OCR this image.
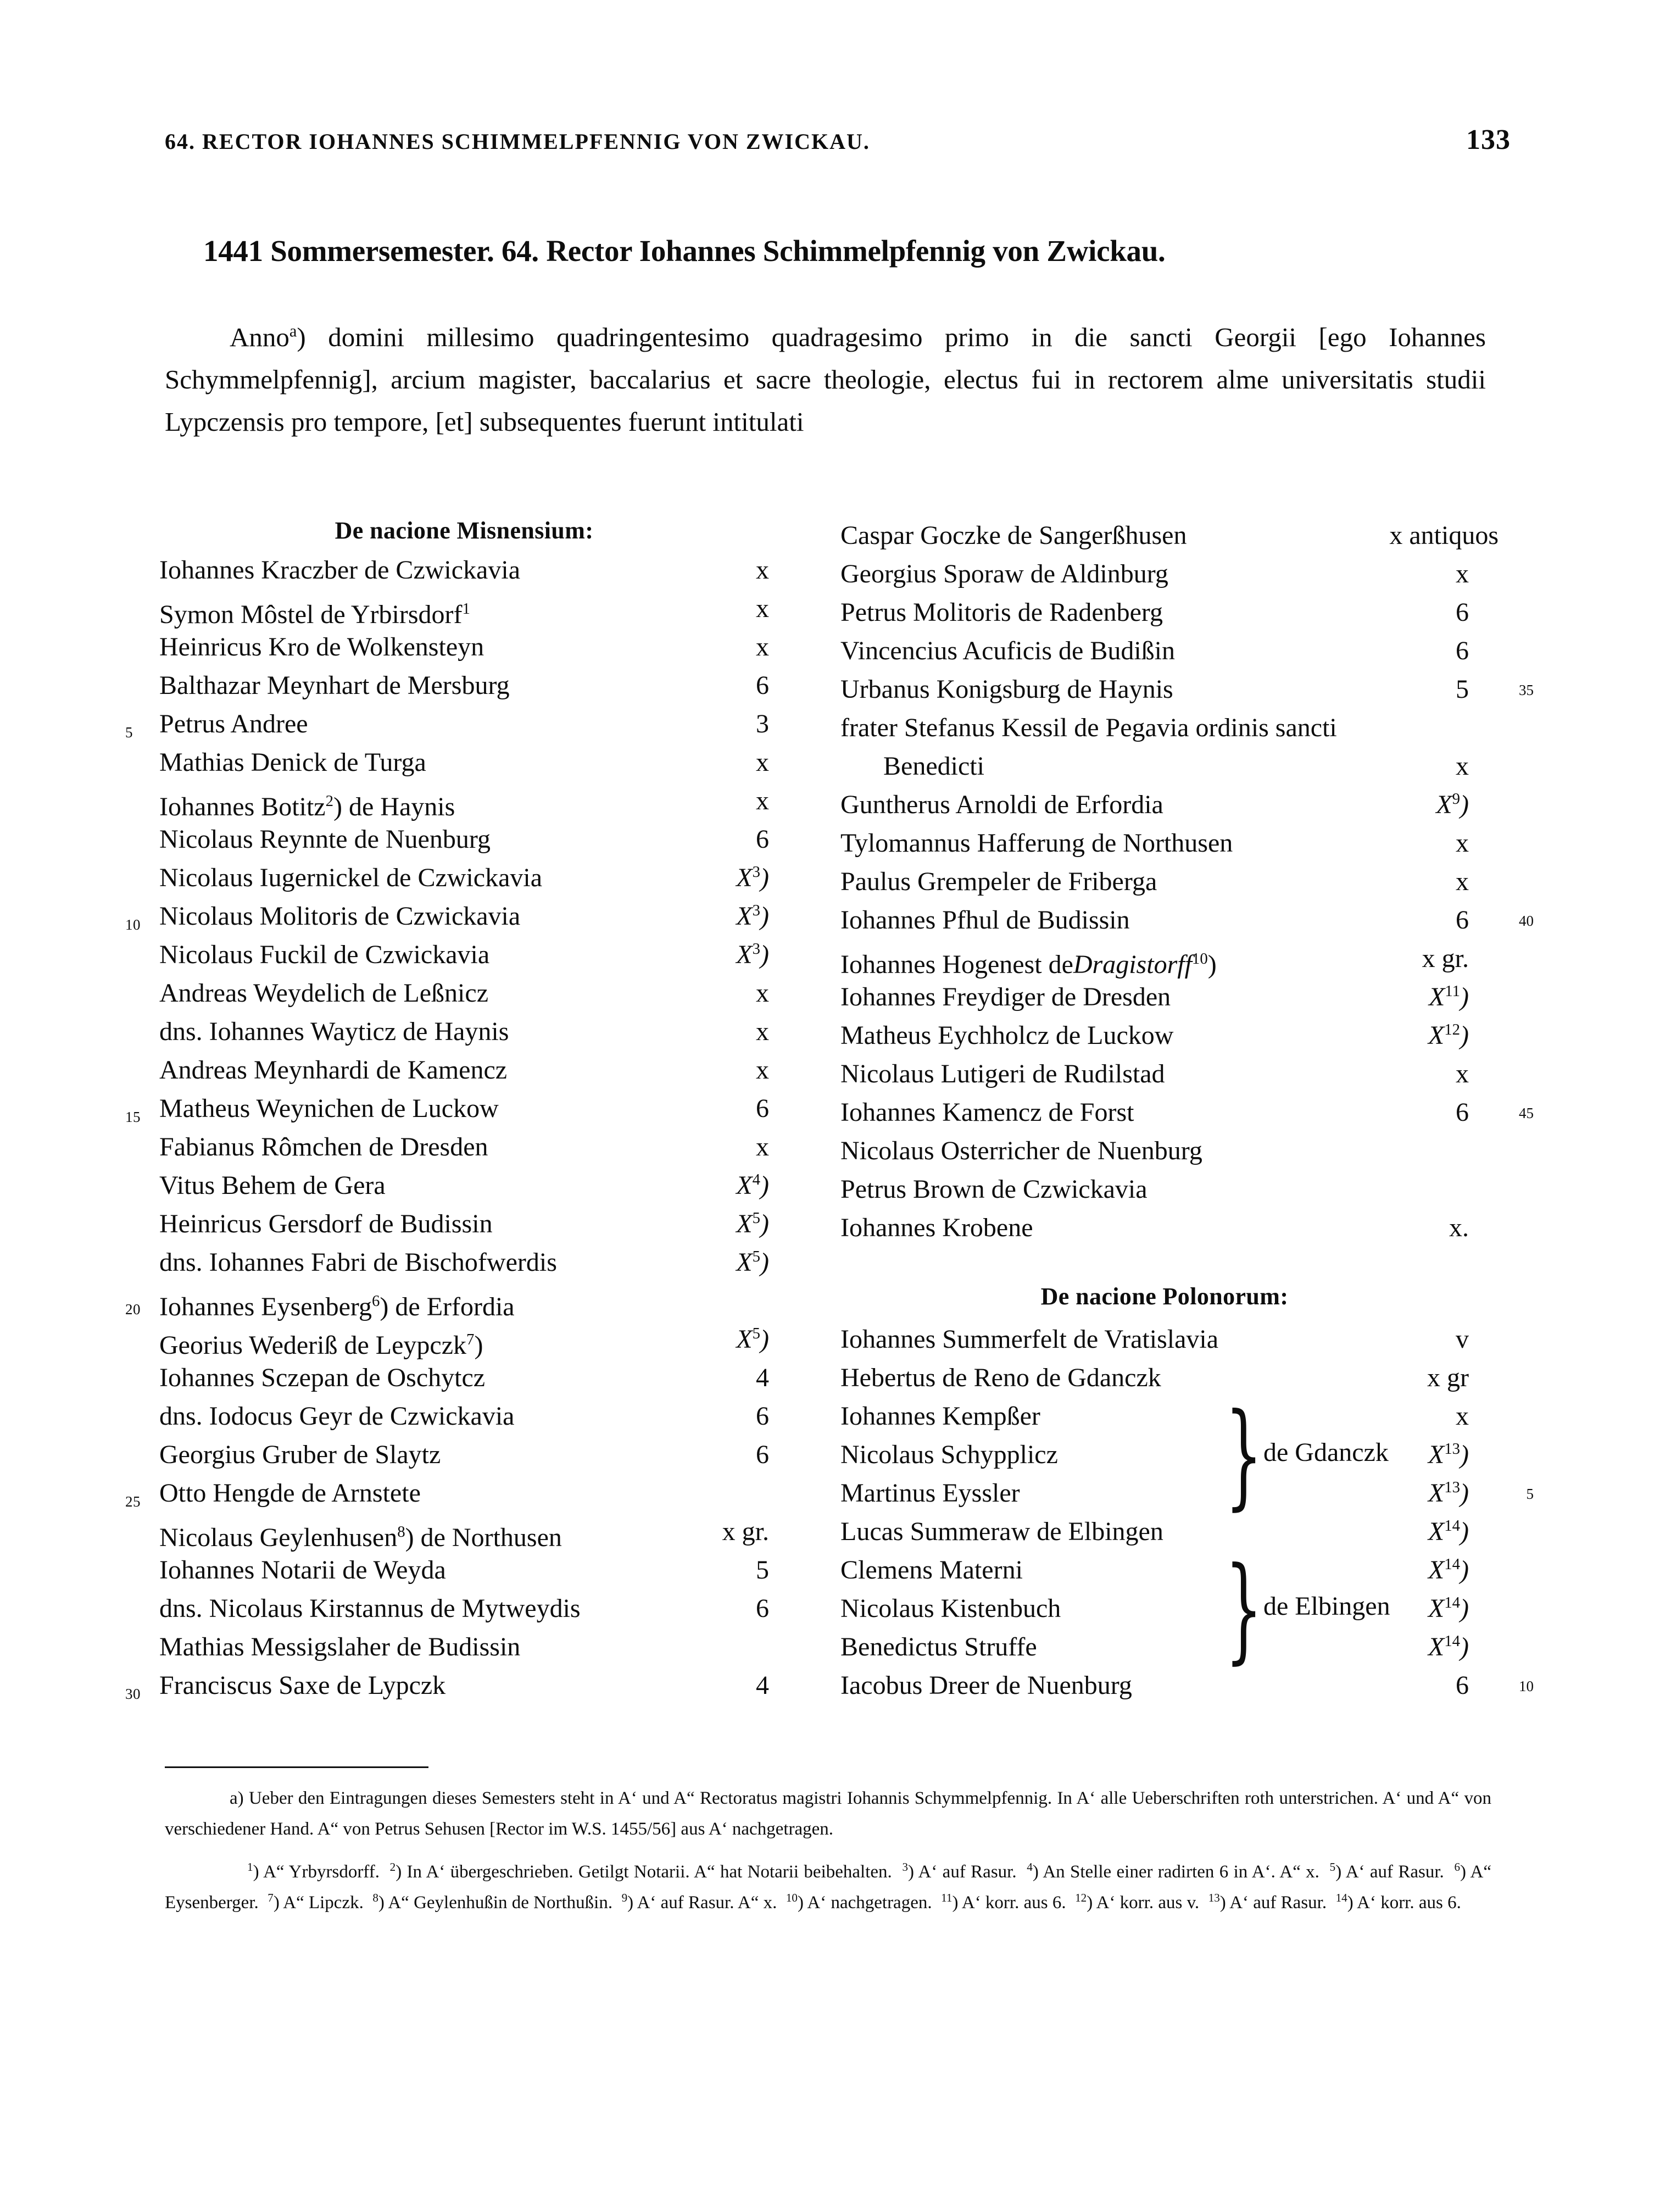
64. RECTOR IOHANNES SCHIMMELPFENNIG VON ZWICKAU.	133
1441 Sommersemester. 64. Rector Iohannes Schimmelpfennig von Zwickau.
Anno$^a$) domini millesimo quadringentesimo quadragesimo primo in die sancti Georgii [ego Iohannes Schymmelpfennig], arcium magister, baccalarius et sacre theologie, electus fui in rectorem alme universitatis studii Lypczensis pro tempore, [et] subsequentes fuerunt intitulati
De nacione Misnensium:
Iohannes Kraczber de Czwickavia	x
Symon Môstel de Yrbirsdorf$^1$	x
Heinricus Kro de Wolkensteyn	x
Balthazar Meynhart de Mersburg	6
5 Petrus Andree	3
Mathias Denick de Turga	x
Iohannes Botitz$^2$) de Haynis	x
Nicolaus Reynnte de Nuenburg	6
Nicolaus Iugernickel de Czwickavia	$X^3$)
10 Nicolaus Molitoris de Czwickavia	$X^3$)
Nicolaus Fuckil de Czwickavia	$X^3$)
Andreas Weydelich de Leßnicz	x
dns. Iohannes Wayticz de Haynis	x
Andreas Meynhardi de Kamencz	x
15 Matheus Weynichen de Luckow	6
Fabianus Rômchen de Dresden	x
Vitus Behem de Gera	$X^4$)
Heinricus Gersdorf de Budissin	$X^5$)
dns. Iohannes Fabri de Bischofwerdis	$X^5$)
20 Iohannes Eysenberg$^6$) de Erfordia
Georius Wederiß de Leypczk$^7$)	$X^5$)
Iohannes Sczepan de Oschytcz	4
dns. Iodocus Geyr de Czwickavia	6
Georgius Gruber de Slaytz	6
25 Otto Hengde de Arnstete
Nicolaus Geylenhusen$^8$) de Northusen	x gr.
Iohannes Notarii de Weyda	5
dns. Nicolaus Kirstannus de Mytweydis	6
Mathias Messigslaher de Budissin
30 Franciscus Saxe de Lypczk	4
Caspar Goczke de Sangerßhusen	x antiquos
Georgius Sporaw de Aldinburg	x
Petrus Molitoris de Radenberg	6
Vincencius Acuficis de Budißin	6
Urbanus Konigsburg de Haynis	5	35
frater Stefanus Kessil de Pegavia ordinis sancti
Benedicti	x
Guntherus Arnoldi de Erfordia	$X^9$)
Tylomannus Hafferung de Northusen	x
Paulus Grempeler de Friberga	x
Iohannes Pfhul de Budissin	6	40
Iohannes Hogenest deDragistorff$^{10}$)	x gr.
Iohannes Freydiger de Dresden	$X^{11}$)
Matheus Eychholcz de Luckow	$X^{12}$)
Nicolaus Lutigeri de Rudilstad	x
Iohannes Kamencz de Forst	6	45
Nicolaus Osterricher de Nuenburg
Petrus Brown de Czwickavia
Iohannes Krobene	x.
De nacione Polonorum:
Iohannes Summerfelt de Vratislavia	v
Hebertus de Reno de Gdanczk	x gr
Iohannes Kempßer	x
} de Gdanczk
Nicolaus Schypplicz	$X^{13}$)
Martinus Eyssler	$X^{13}$)	5
Lucas Summeraw de Elbingen	$X^{14}$)
Clemens Materni	$X^{14}$)
} de Elbingen
Nicolaus Kistenbuch	$X^{14}$)
Benedictus Struffe	$X^{14}$)
Iacobus Dreer de Nuenburg	6	10

a) Ueber den Eintragungen dieses Semesters steht in A‘ und A“ Rectoratus magistri Iohannis Schymmelpfennig. In A‘ alle Ueberschriften roth unterstrichen. A‘ und A“ von verschiedener Hand. A“ von Petrus Sehusen [Rector im W.S. 1455/56] aus A‘ nachgetragen.

$^1$) A“ Yrbyrsdorff.  $^2$) In A‘ übergeschrieben. Getilgt Notarii. A“ hat Notarii beibehalten.  $^3$) A‘ auf Rasur.  $^4$) An Stelle einer radirten 6 in A‘. A“ x.  $^5$) A‘ auf Rasur.  $^6$) A“ Eysenberger.  $^7$) A“ Lipczk.  $^8$) A“ Geylenhußin de Northußin.  $^9$) A‘ auf Rasur. A“ x.  $^{10}$) A‘ nachgetragen.  $^{11}$) A‘ korr. aus 6.  $^{12}$) A‘ korr. aus v.  $^{13}$) A‘ auf Rasur.  $^{14}$) A‘ korr. aus 6.
